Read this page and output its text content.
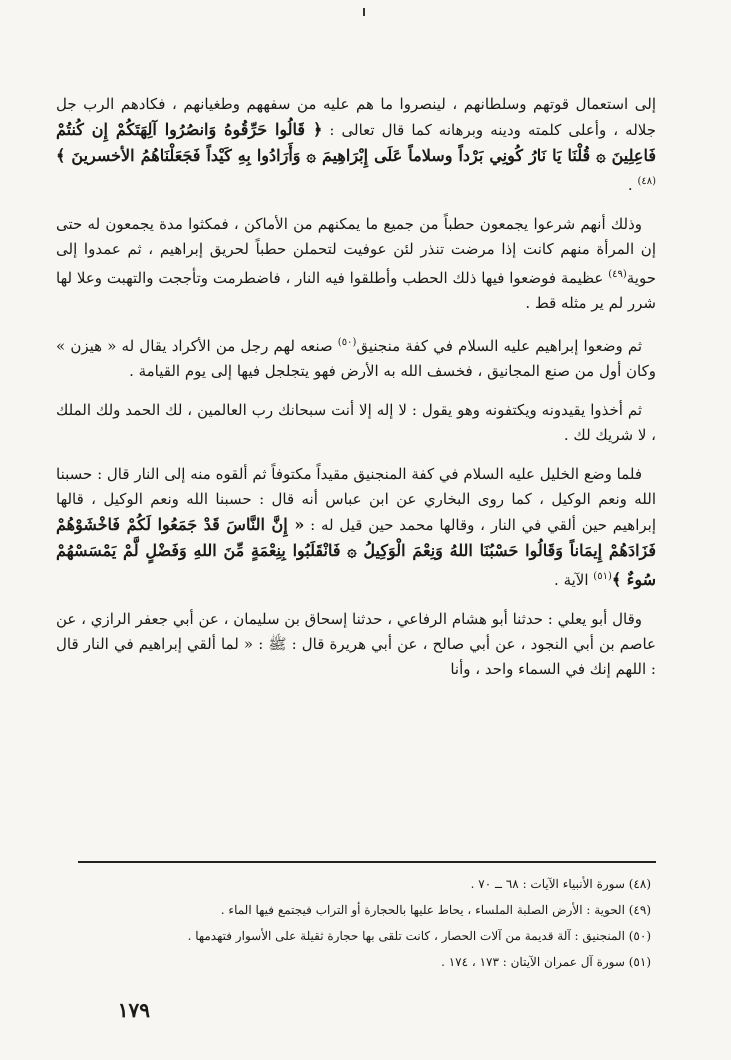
إلى استعمال قوتهم وسلطانهم ، لينصروا ما هم عليه من سفههم وطغيانهم ، فكادهم الرب جل جلاله ، وأعلى كلمته ودينه وبرهانه كما قال تعالى : ﴿ قَالُوا حَرِّقُوهُ وَانصُرُوا آلِهَتَكُمْ إِن كُنتُمْ فَاعِلِينَ ۞ قُلْنَا يَا نَارُ كُونِي بَرْداً وسلاماً عَلَى إِبْرَاهِيمَ ۞ وَأَرَادُوا بِهِ كَيْداً فَجَعَلْنَاهُمُ الأخسرينَ ﴾$^{(٤٨)}$ .

وذلك أنهم شرعوا يجمعون حطباً من جميع ما يمكنهم من الأماكن ، فمكثوا مدة يجمعون له حتى إن المرأة منهم كانت إذا مرضت تنذر لئن عوفيت لتحملن حطباً لحريق إبراهيم ، ثم عمدوا إلى حوية$^{(٤٩)}$ عظيمة فوضعوا فيها ذلك الحطب وأطلقوا فيه النار ، فاضطرمت وتأججت والتهبت وعلا لها شرر لم ير مثله قط .

ثم وضعوا إبراهيم عليه السلام في كفة منجنيق$^{(٥٠)}$ صنعه لهم رجل من الأكراد يقال له « هيزن » وكان أول من صنع المجانيق ، فخسف الله به الأرض فهو يتجلجل فيها إلى يوم القيامة .

ثم أخذوا يقيدونه ويكتفونه وهو يقول : لا إله إلا أنت سبحانك رب العالمين ، لك الحمد ولك الملك ، لا شريك لك .

فلما وضع الخليل عليه السلام في كفة المنجنيق مقيداً مكتوفاً ثم ألقوه منه إلى النار قال : حسبنا الله ونعم الوكيل ، كما روى البخاري عن ابن عباس أنه قال : حسبنا الله ونعم الوكيل ، قالها إبراهيم حين ألقي في النار ، وقالها محمد حين قيل له : « إِنَّ النَّاسَ قَدْ جَمَعُوا لَكُمْ فَاخْشَوْهُمْ فَزَادَهُمْ إِيمَاناً وَقَالُوا حَسْبُنَا اللهُ وَنِعْمَ الْوَكِيلُ ۞ فَانْقَلَبُوا بِنِعْمَةٍ مِّنَ اللهِ وَفَضْلٍ لَّمْ يَمْسَسْهُمْ سُوءٌ ﴾$^{(٥١)}$ الآية .

وقال أبو يعلي : حدثنا أبو هشام الرفاعي ، حدثنا إسحاق بن سليمان ، عن أبي جعفر الرازي ، عن عاصم بن أبي النجود ، عن أبي صالح ، عن أبي هريرة قال : ﷺ : « لما ألقي إبراهيم في النار قال : اللهم إنك في السماء واحد ، وأنا

(٤٨) سورة الأنبياء الآيات : ٦٨ ــ ٧٠ .

(٤٩) الحوية : الأرض الصلبة الملساء ، يحاط عليها بالحجارة أو التراب فيجتمع فيها الماء .

(٥٠) المنجنيق : آلة قديمة من آلات الحصار ، كانت تلقى بها حجارة ثقيلة على الأسوار فتهدمها .

(٥١) سورة آل عمران الآيتان : ١٧٣ ، ١٧٤ .

١٧٩
